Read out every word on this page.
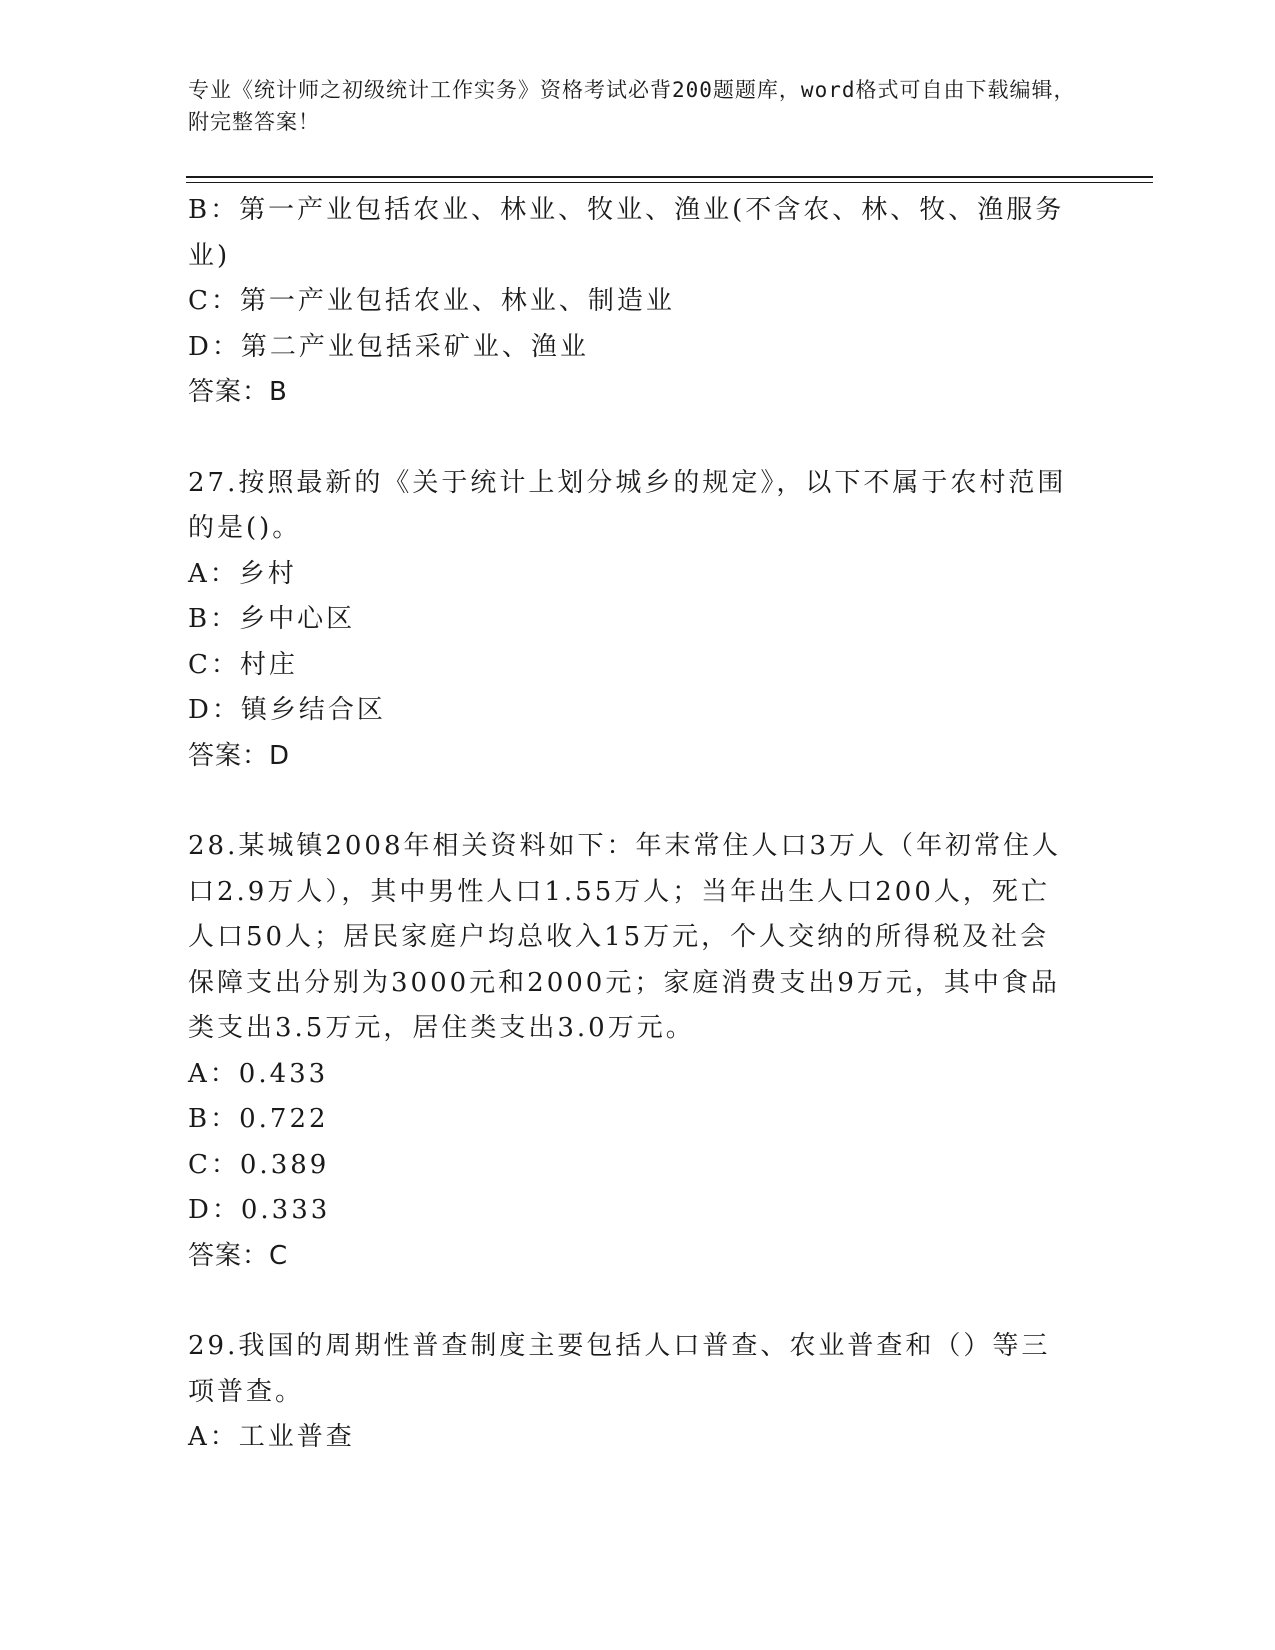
专业《统计师之初级统计工作实务》资格考试必背200题题库，word格式可自由下载编辑，附完整答案！
B：第一产业包括农业、林业、牧业、渔业(不含农、林、牧、渔服务业)
C：第一产业包括农业、林业、制造业
D：第二产业包括采矿业、渔业
答案：B
27.按照最新的《关于统计上划分城乡的规定》，以下不属于农村范围的是()。
A：乡村
B：乡中心区
C：村庄
D：镇乡结合区
答案：D
28.某城镇2008年相关资料如下：年末常住人口3万人（年初常住人口2.9万人），其中男性人口1.55万人；当年出生人口200人，死亡人口50人；居民家庭户均总收入15万元，个人交纳的所得税及社会保障支出分别为3000元和2000元；家庭消费支出9万元，其中食品类支出3.5万元，居住类支出3.0万元。
A：0.433
B：0.722
C：0.389
D：0.333
答案：C
29.我国的周期性普查制度主要包括人口普查、农业普查和（）等三项普查。
A：工业普查
